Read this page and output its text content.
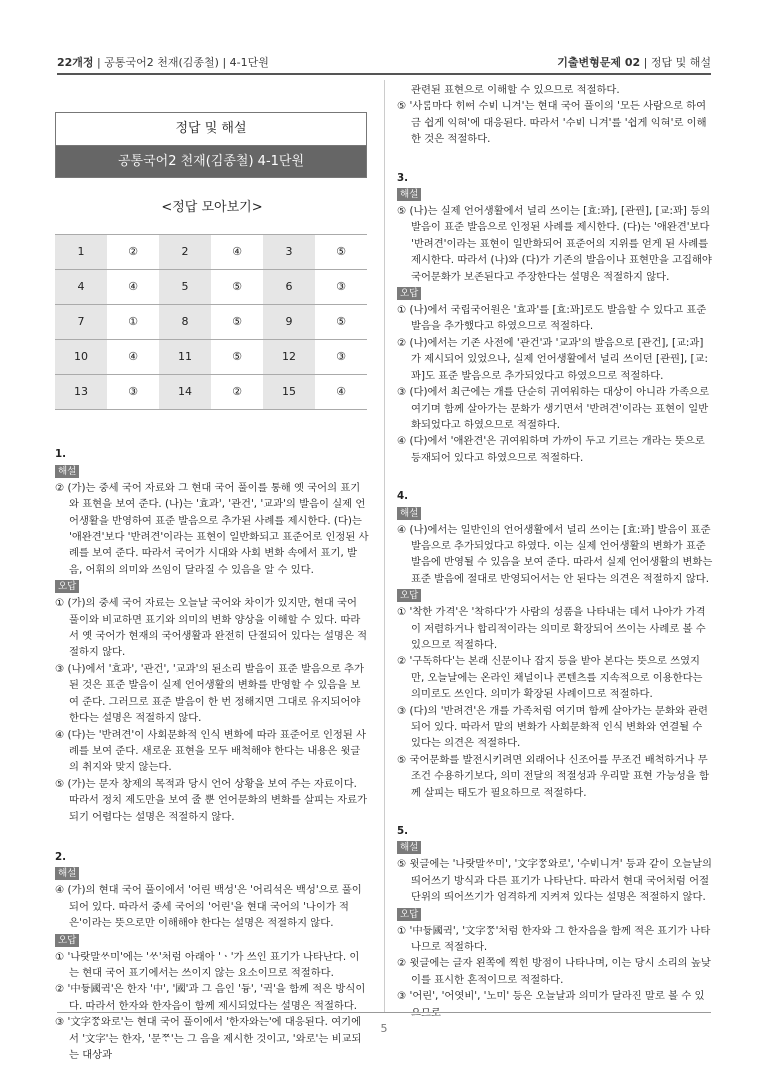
22개정 | 공통국어2 천재(김종철) | 4-1단원	기출변형문제 02 | 정답 및 해설
정답 및 해설
공통국어2 천재(김종철) 4-1단원
<정답 모아보기>
1	②	2	④	3	⑤
4	④	5	⑤	6	③
7	①	8	⑤	9	⑤
10	④	11	⑤	12	③
13	③	14	②	15	④
1.
해설
② (가)는 중세 국어 자료와 그 현대 국어 풀이를 통해 옛 국어의 표기와 표현을 보여 준다. (나)는 '효과', '관건', '교과'의 발음이 실제 언어생활을 반영하여 표준 발음으로 추가된 사례를 제시한다. (다)는 '애완견'보다 '반려견'이라는 표현이 일반화되고 표준어로 인정된 사례를 보여 준다. 따라서 국어가 시대와 사회 변화 속에서 표기, 발음, 어휘의 의미와 쓰임이 달라질 수 있음을 알 수 있다.
오답
① (가)의 중세 국어 자료는 오늘날 국어와 차이가 있지만, 현대 국어 풀이와 비교하면 표기와 의미의 변화 양상을 이해할 수 있다. 따라서 옛 국어가 현재의 국어생활과 완전히 단절되어 있다는 설명은 적절하지 않다.
③ (나)에서 '효과', '관건', '교과'의 된소리 발음이 표준 발음으로 추가된 것은 표준 발음이 실제 언어생활의 변화를 반영할 수 있음을 보여 준다. 그러므로 표준 발음이 한 번 정해지면 그대로 유지되어야 한다는 설명은 적절하지 않다.
④ (다)는 '반려견'이 사회문화적 인식 변화에 따라 표준어로 인정된 사례를 보여 준다. 새로운 표현을 모두 배척해야 한다는 내용은 윗글의 취지와 맞지 않는다.
⑤ (가)는 문자 창제의 목적과 당시 언어 상황을 보여 주는 자료이다. 따라서 정치 제도만을 보여 줄 뿐 언어문화의 변화를 살피는 자료가 되기 어렵다는 설명은 적절하지 않다.
2.
해설
④ (가)의 현대 국어 풀이에서 '어린 백성'은 '어리석은 백성'으로 풀이되어 있다. 따라서 중세 국어의 '어린'을 현대 국어의 '나이가 적은'이라는 뜻으로만 이해해야 한다는 설명은 적절하지 않다.
오답
① '나랏말ᄊᆞ미'에는 'ᄊᆞ'처럼 아래아 'ㆍ'가 쓰인 표기가 나타난다. 이는 현대 국어 표기에서는 쓰이지 않는 요소이므로 적절하다.
② '中듀ᇰ國귁'은 한자 '中', '國'과 그 음인 '듕', '귁'을 함께 적은 방식이다. 따라서 한자와 한자음이 함께 제시되었다는 설명은 적절하다.
③ '文字ᄍᆞᆼ와로'는 현대 국어 풀이에서 '한자와는'에 대응된다. 여기에서 '文字'는 한자, '문ᄍᆞ'는 그 음을 제시한 것이고, '와로'는 비교되는 대상과
관련된 표현으로 이해할 수 있으므로 적절하다.
⑤ '사ᄅᆞᆷ마다 ᄒᆡᅇᅧ 수ᄫᅵ 니겨'는 현대 국어 풀이의 '모든 사람으로 하여금 쉽게 익혀'에 대응된다. 따라서 '수ᄫᅵ 니겨'를 '쉽게 익혀'로 이해한 것은 적절하다.
3.
해설
⑤ (나)는 실제 언어생활에서 널리 쓰이는 [효:꽈], [관꿘], [교:꽈] 등의 발음이 표준 발음으로 인정된 사례를 제시한다. (다)는 '애완견'보다 '반려견'이라는 표현이 일반화되어 표준어의 지위를 얻게 된 사례를 제시한다. 따라서 (나)와 (다)가 기존의 발음이나 표현만을 고집해야 국어문화가 보존된다고 주장한다는 설명은 적절하지 않다.
오답
① (나)에서 국립국어원은 '효과'를 [효:꽈]로도 발음할 수 있다고 표준 발음을 추가했다고 하였으므로 적절하다.
② (나)에서는 기존 사전에 '관건'과 '교과'의 발음으로 [관건], [교:과]가 제시되어 있었으나, 실제 언어생활에서 널리 쓰이던 [관꿘], [교:꽈]도 표준 발음으로 추가되었다고 하였으므로 적절하다.
③ (다)에서 최근에는 개를 단순히 귀여워하는 대상이 아니라 가족으로 여기며 함께 살아가는 문화가 생기면서 '반려견'이라는 표현이 일반화되었다고 하였으므로 적절하다.
④ (다)에서 '애완견'은 귀여워하며 가까이 두고 기르는 개라는 뜻으로 등재되어 있다고 하였으므로 적절하다.
4.
해설
④ (나)에서는 일반인의 언어생활에서 널리 쓰이는 [효:꽈] 발음이 표준 발음으로 추가되었다고 하였다. 이는 실제 언어생활의 변화가 표준 발음에 반영될 수 있음을 보여 준다. 따라서 실제 언어생활의 변화는 표준 발음에 절대로 반영되어서는 안 된다는 의견은 적절하지 않다.
오답
① '착한 가격'은 '착하다'가 사람의 성품을 나타내는 데서 나아가 가격이 저렴하거나 합리적이라는 의미로 확장되어 쓰이는 사례로 볼 수 있으므로 적절하다.
② '구독하다'는 본래 신문이나 잡지 등을 받아 본다는 뜻으로 쓰였지만, 오늘날에는 온라인 채널이나 콘텐츠를 지속적으로 이용한다는 의미로도 쓰인다. 의미가 확장된 사례이므로 적절하다.
③ (다)의 '반려견'은 개를 가족처럼 여기며 함께 살아가는 문화와 관련되어 있다. 따라서 말의 변화가 사회문화적 인식 변화와 연결될 수 있다는 의견은 적절하다.
⑤ 국어문화를 발전시키려면 외래어나 신조어를 무조건 배척하거나 무조건 수용하기보다, 의미 전달의 적절성과 우리말 표현 가능성을 함께 살피는 태도가 필요하므로 적절하다.
5.
해설
⑤ 윗글에는 '나랏말ᄊᆞ미', '文字ᄍᆞᆼ와로', '수ᄫᅵ니겨' 등과 같이 오늘날의 띄어쓰기 방식과 다른 표기가 나타난다. 따라서 현대 국어처럼 어절 단위의 띄어쓰기가 엄격하게 지켜져 있다는 설명은 적절하지 않다.
오답
① '中듀ᇰ國귁', '文字ᄍᆞᆼ'처럼 한자와 그 한자음을 함께 적은 표기가 나타나므로 적절하다.
② 윗글에는 글자 왼쪽에 찍힌 방점이 나타나며, 이는 당시 소리의 높낮이를 표시한 흔적이므로 적절하다.
③ '어린', '어엿비', '노미' 등은 오늘날과 의미가 달라진 말로 볼 수 있으므로
5
